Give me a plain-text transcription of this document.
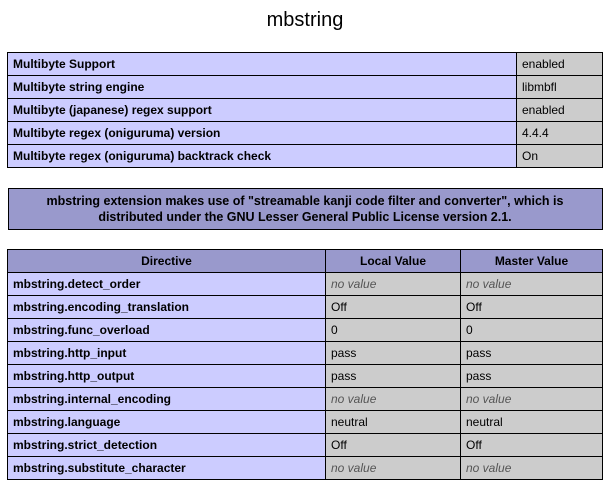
mbstring
Multibyte Support	enabled
Multibyte string engine	libmbfl
Multibyte (japanese) regex support	enabled
Multibyte regex (oniguruma) version	4.4.4
Multibyte regex (oniguruma) backtrack check	On
mbstring extension makes use of "streamable kanji code filter and converter", which is distributed under the GNU Lesser General Public License version 2.1.
Directive	Local Value	Master Value
mbstring.detect_order	no value	no value
mbstring.encoding_translation	Off	Off
mbstring.func_overload	0	0
mbstring.http_input	pass	pass
mbstring.http_output	pass	pass
mbstring.internal_encoding	no value	no value
mbstring.language	neutral	neutral
mbstring.strict_detection	Off	Off
mbstring.substitute_character	no value	no value
